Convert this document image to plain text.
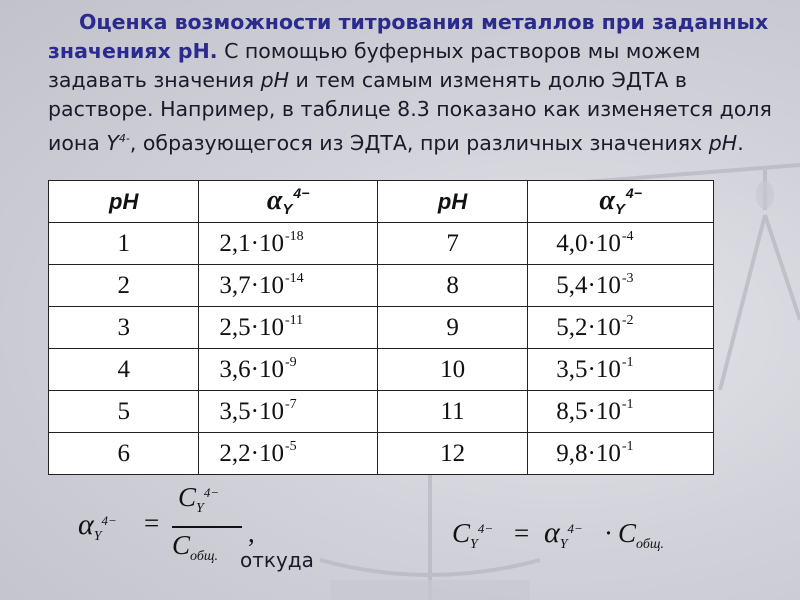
Оценка возможности титрования металлов при заданных значениях рН. С помощью буферных растворов мы можем задавать значения pH и тем самым изменять долю ЭДТА в растворе. Например, в таблице 8.3 показано как изменяется доля иона $Y^{4-}$, образующегося из ЭДТА, при различных значениях pH.

pH	$\alpha_Y^{4-}$	pH	$\alpha_Y^{4-}$
1	$2,1\cdot 10^{-18}$	7	$4,0\cdot 10^{-4}$
2	$3,7\cdot 10^{-14}$	8	$5,4\cdot 10^{-3}$
3	$2,5\cdot 10^{-11}$	9	$5,2\cdot 10^{-2}$
4	$3,6\cdot 10^{-9}$	10	$3,5\cdot 10^{-1}$
5	$3,5\cdot 10^{-7}$	11	$8,5\cdot 10^{-1}$
6	$2,2\cdot 10^{-5}$	12	$9,8\cdot 10^{-1}$
$\alpha_Y^{4-}$ =
$C_Y^{4-}$
$C_{общ.}$
,
откуда
$C_Y^{4-} = \alpha_Y^{4-} \cdot C_{общ.}$
